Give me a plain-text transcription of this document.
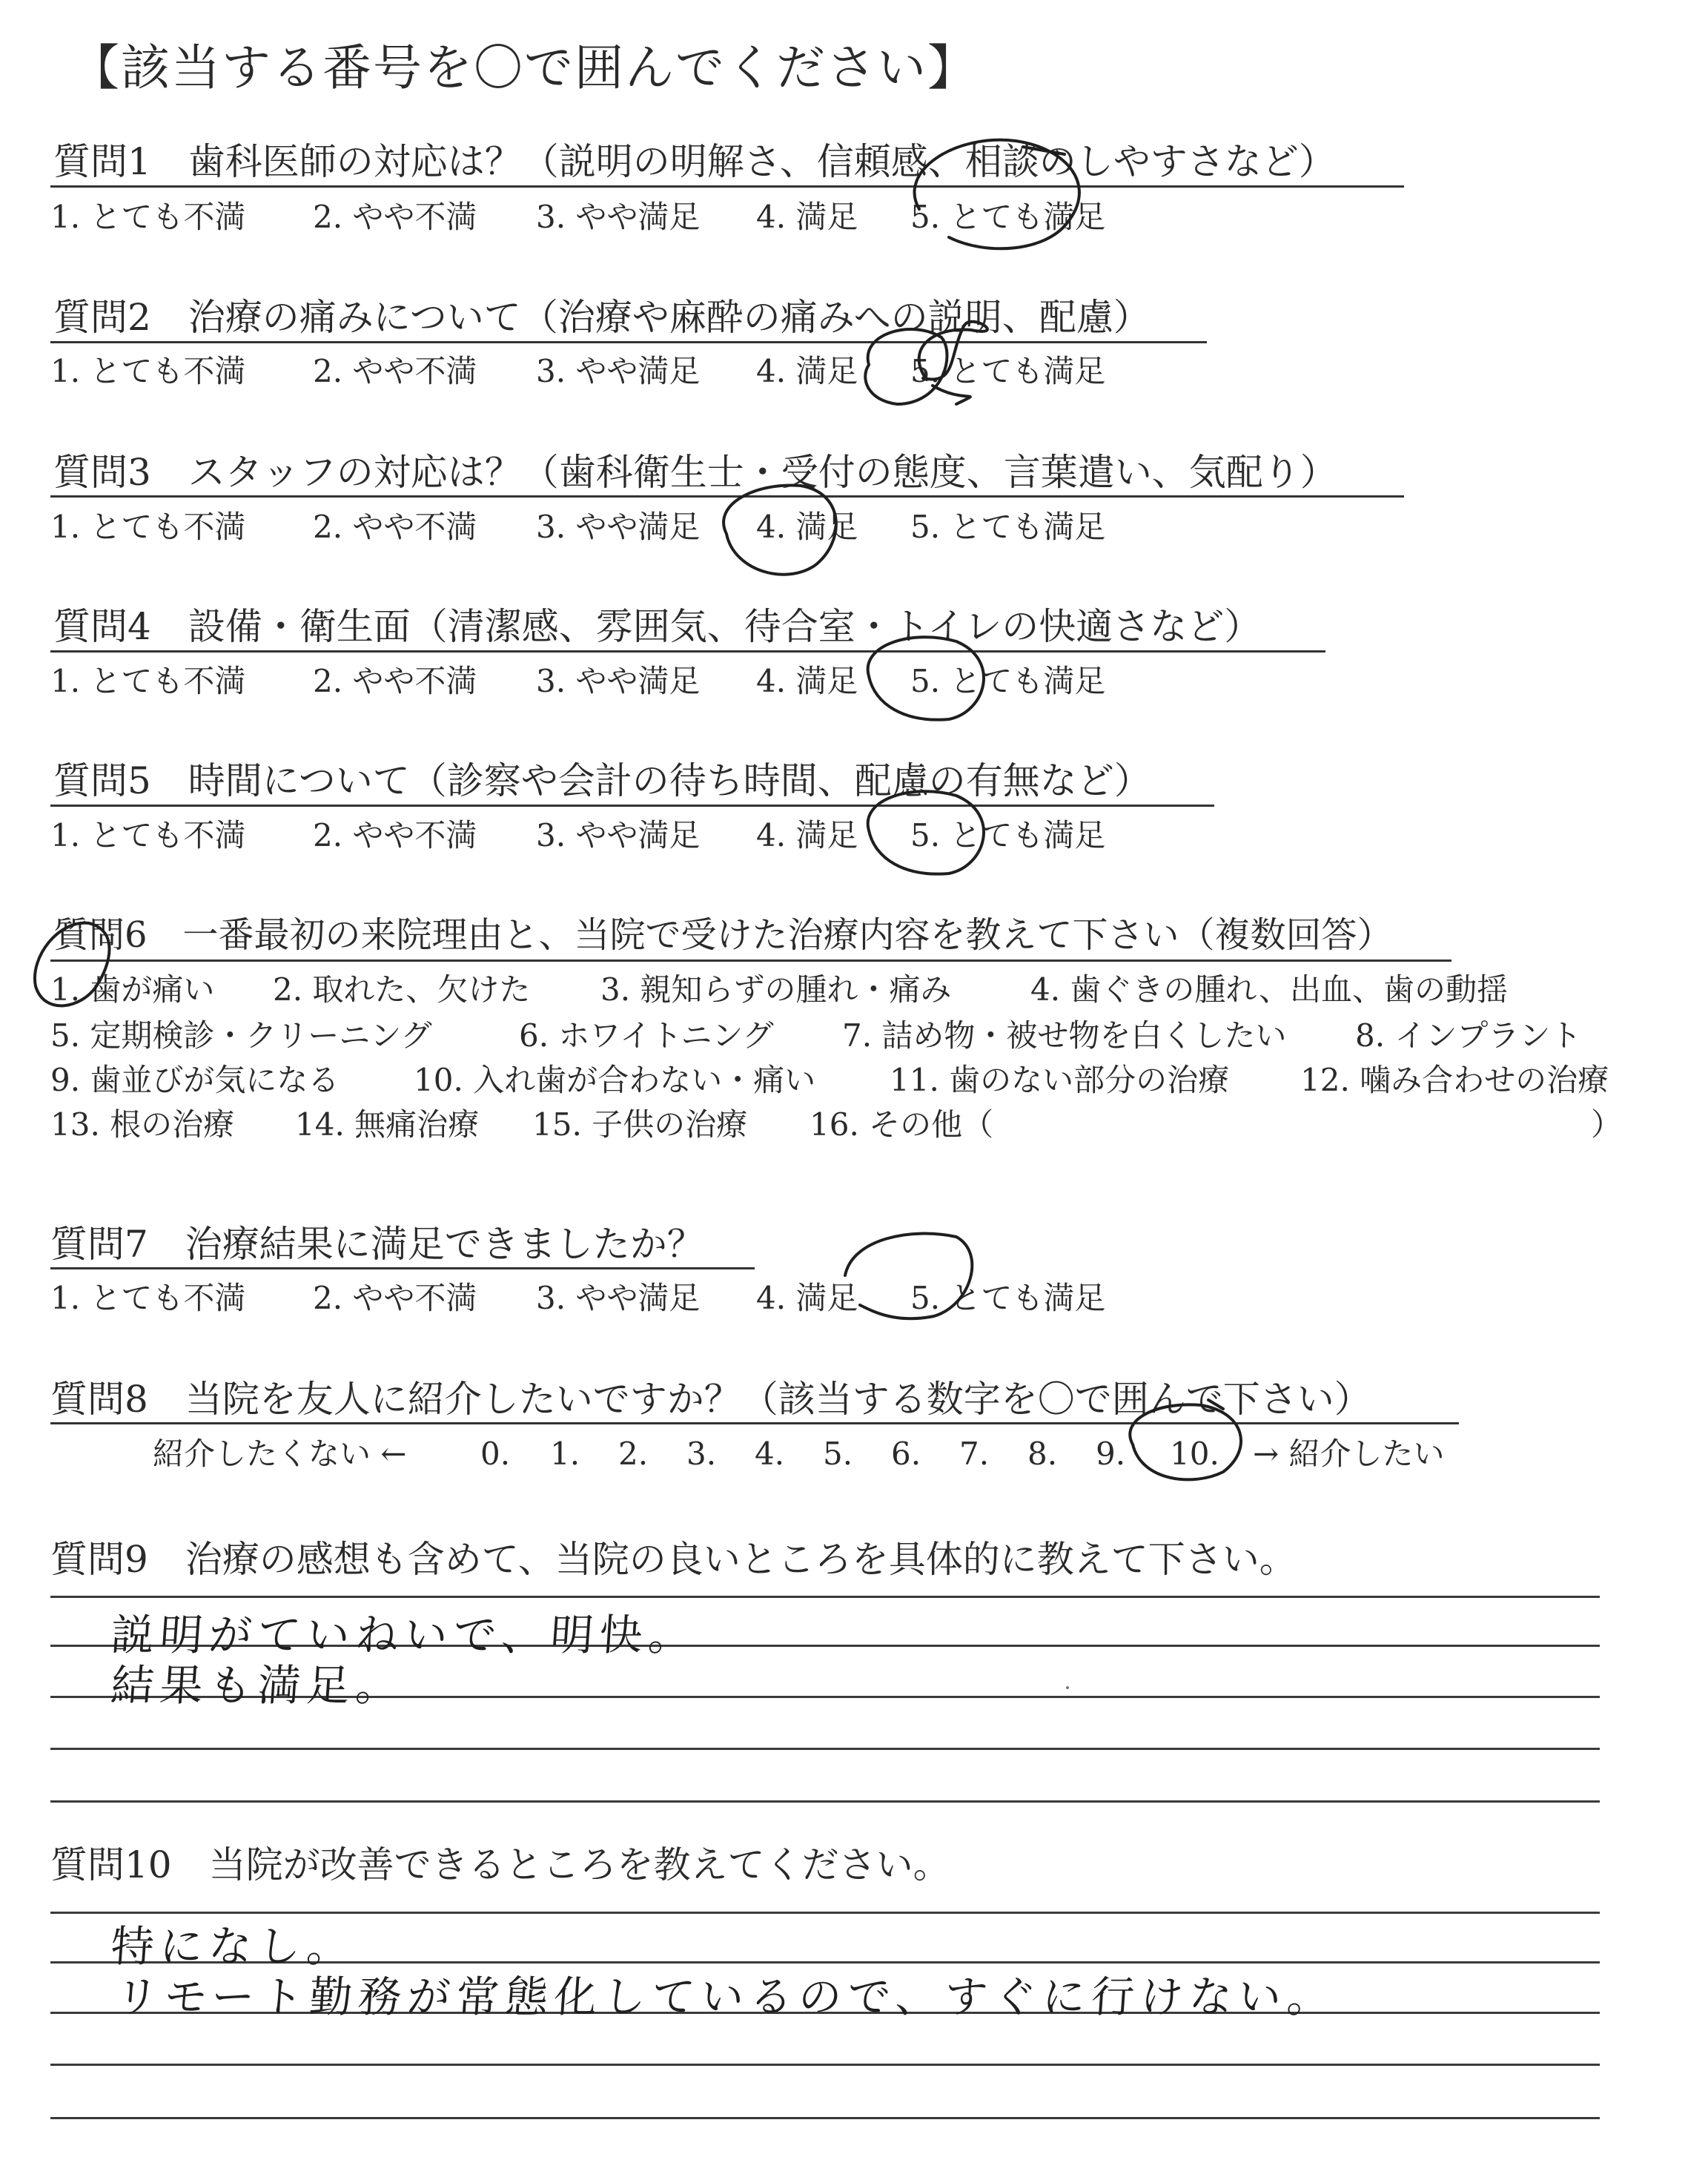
【該当する番号を〇で囲んでください】
質問1　歯科医師の対応は？（説明の明解さ、信頼感、相談のしやすさなど）
1. とても不満 2. やや不満 3. やや満足 4. 満足 5. とても満足
質問2　治療の痛みについて（治療や麻酔の痛みへの説明、配慮）
1. とても不満 2. やや不満 3. やや満足 4. 満足 5. とても満足
質問3　スタッフの対応は？（歯科衛生士・受付の態度、言葉遣い、気配り）
1. とても不満 2. やや不満 3. やや満足 4. 満足 5. とても満足
質問4　設備・衛生面（清潔感、雰囲気、待合室・トイレの快適さなど）
1. とても不満 2. やや不満 3. やや満足 4. 満足 5. とても満足
質問5　時間について（診察や会計の待ち時間、配慮の有無など）
1. とても不満 2. やや不満 3. やや満足 4. 満足 5. とても満足
質問6　一番最初の来院理由と、当院で受けた治療内容を教えて下さい（複数回答）
1. 歯が痛い 2. 取れた、欠けた 3. 親知らずの腫れ・痛み	4. 歯ぐきの腫れ、出血、歯の動揺
5. 定期検診・クリーニング	6. ホワイトニング 7. 詰め物・被せ物を白くしたい 8. インプラント
9. 歯並びが気になる 10. 入れ歯が合わない・痛い 11. 歯のない部分の治療 12. 噛み合わせの治療
13. 根の治療 14. 無痛治療 15. 子供の治療 16. その他（	）
質問7　治療結果に満足できましたか？
1. とても不満 2. やや不満 3. やや満足 4. 満足 5. とても満足
質問8　当院を友人に紹介したいですか？（該当する数字を〇で囲んで下さい）
紹介したくない ← 0. 1. 2. 3. 4. 5. 6. 7. 8. 9. 10. → 紹介したい
質問9　治療の感想も含めて、当院の良いところを具体的に教えて下さい。
説明がていねいで、明快。
結果も満足。
質問10　当院が改善できるところを教えてください。
特になし。
リモート勤務が常態化しているので、すぐに行けない。
